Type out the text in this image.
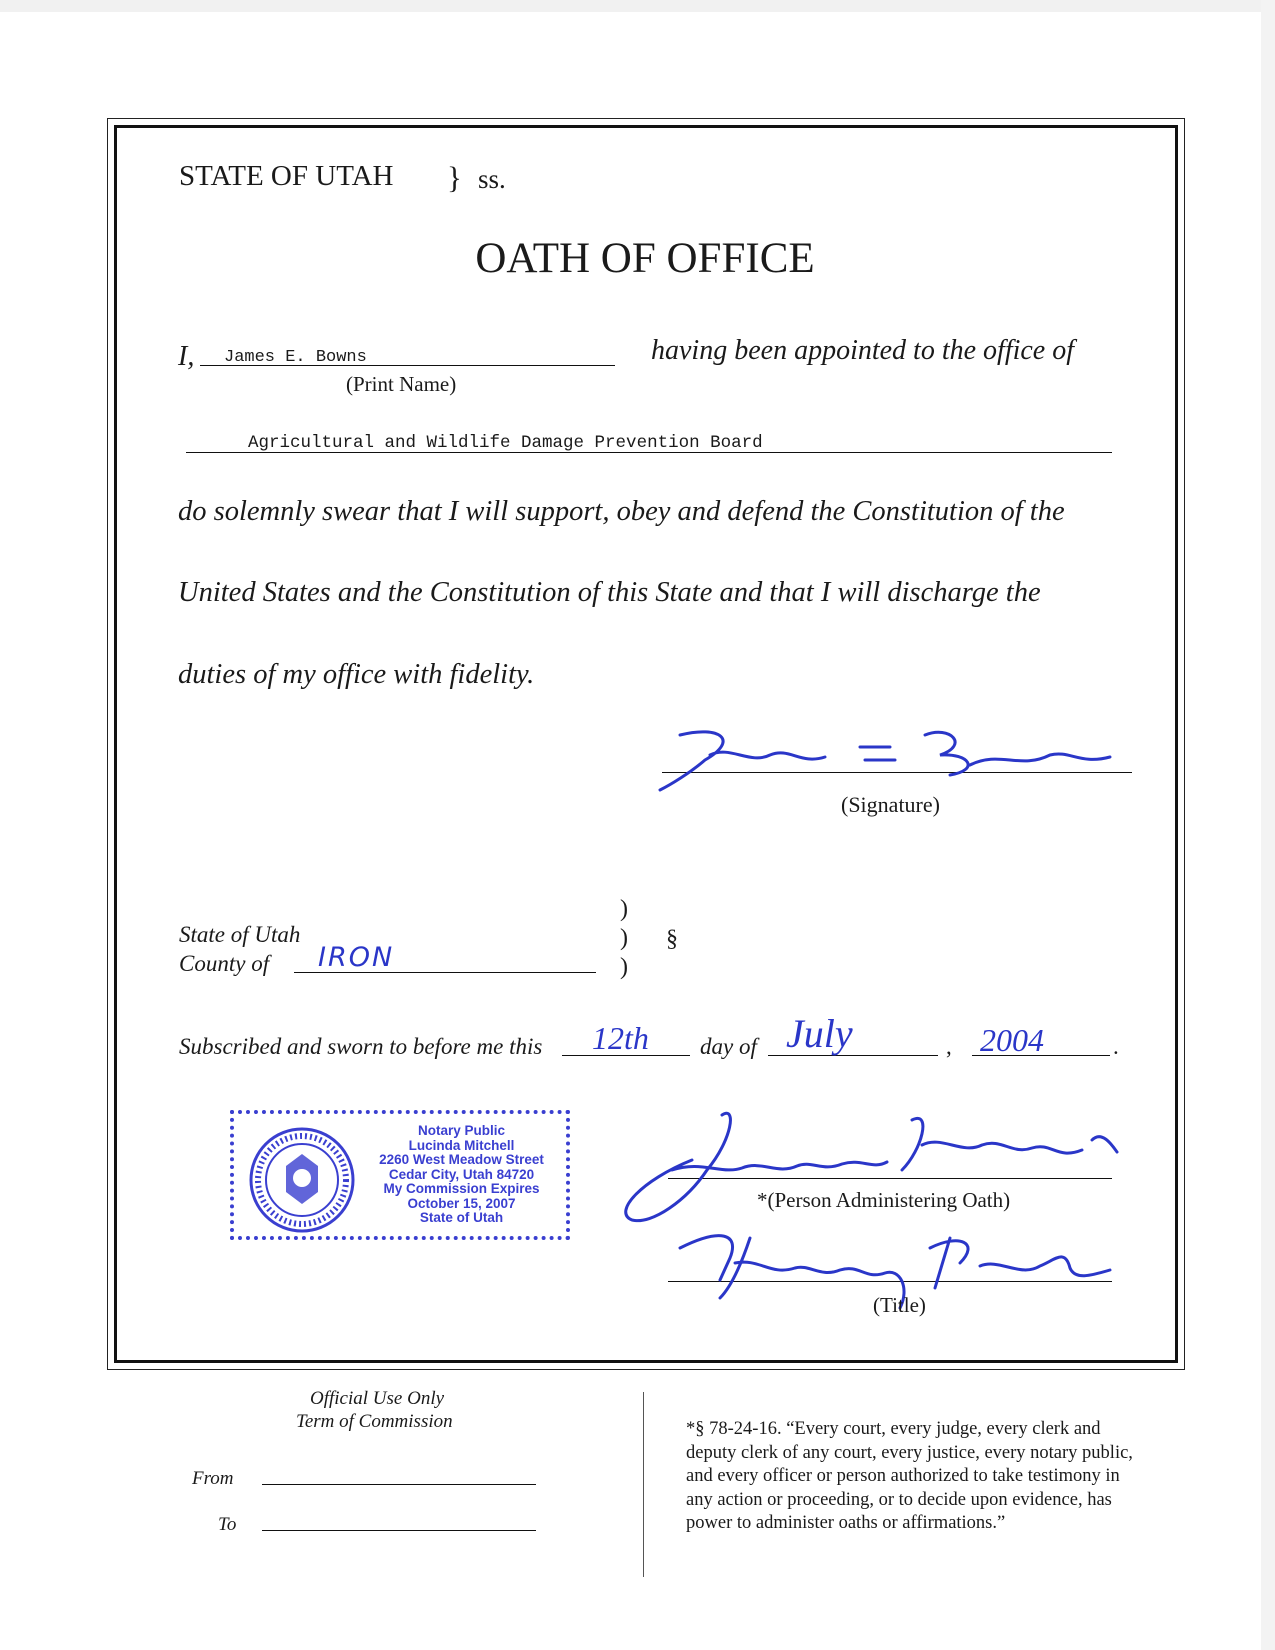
STATE OF UTAH } ss.
OATH OF OFFICE
I, James E. Bowns
(Print Name)
having been appointed to the office of
Agricultural and Wildlife Damage Prevention Board
do solemnly swear that I will support, obey and defend the Constitution of the
United States and the Constitution of this State and that I will discharge the
duties of my office with fidelity.
(Signature)
State of Utah
County of IRON
)
)
)
§
Subscribed and sworn to before me this 12th day of July	, 2004	.
Notary Public
Lucinda Mitchell
2260 West Meadow Street
Cedar City, Utah 84720
My Commission Expires
October 15, 2007
State of Utah
*(Person Administering Oath)
(Title)
Official Use Only
Term of Commission
From
To
*§ 78-24-16. “Every court, every judge, every clerk and
deputy clerk of any court, every justice, every notary public,
and every officer or person authorized to take testimony in
any action or proceeding, or to decide upon evidence, has
power to administer oaths or affirmations.”
